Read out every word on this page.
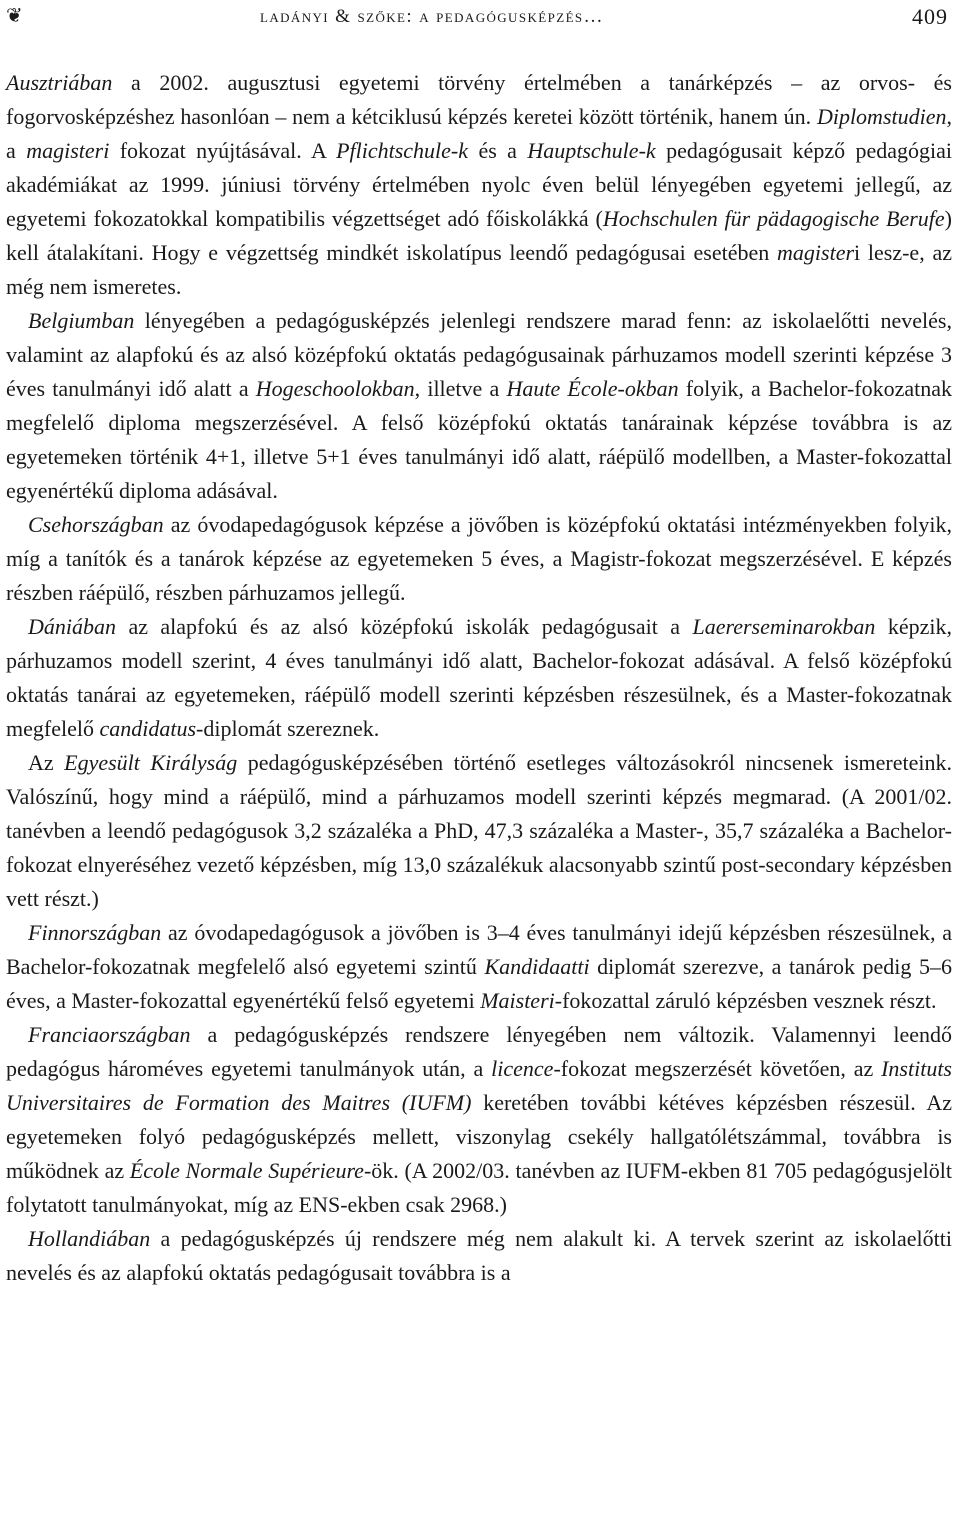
❦	ladányi & szőke: a pedagógusképzés…	409

Ausztriában a 2002. augusztusi egyetemi törvény értelmében a tanárképzés – az orvos- és fogorvosképzéshez hasonlóan – nem a kétciklusú képzés keretei között történik, hanem ún. Diplomstudien, a magisteri fokozat nyújtásával. A Pflichtschule-k és a Hauptschule-k pedagógusait képző pedagógiai akadémiákat az 1999. júniusi törvény értelmében nyolc éven belül lényegében egyetemi jellegű, az egyetemi fokozatokkal kompatibilis végzettséget adó főiskolákká (Hochschulen für pädagogische Berufe) kell átalakítani. Hogy e végzettség mindkét iskolatípus leendő pedagógusai esetében magisteri lesz-e, az még nem ismeretes.

Belgiumban lényegében a pedagógusképzés jelenlegi rendszere marad fenn: az iskolaelőtti nevelés, valamint az alapfokú és az alsó középfokú oktatás pedagógusainak párhuzamos modell szerinti képzése 3 éves tanulmányi idő alatt a Hogeschoolokban, illetve a Haute École-okban folyik, a Bachelor-fokozatnak megfelelő diploma megszerzésével. A felső középfokú oktatás tanárainak képzése továbbra is az egyetemeken történik 4+1, illetve 5+1 éves tanulmányi idő alatt, ráépülő modellben, a Master-fokozattal egyenértékű diploma adásával.

Csehországban az óvodapedagógusok képzése a jövőben is középfokú oktatási intézményekben folyik, míg a tanítók és a tanárok képzése az egyetemeken 5 éves, a Magistr-fokozat megszerzésével. E képzés részben ráépülő, részben párhuzamos jellegű.

Dániában az alapfokú és az alsó középfokú iskolák pedagógusait a Laererseminarokban képzik, párhuzamos modell szerint, 4 éves tanulmányi idő alatt, Bachelor-fokozat adásával. A felső középfokú oktatás tanárai az egyetemeken, ráépülő modell szerinti képzésben részesülnek, és a Master-fokozatnak megfelelő candidatus-diplomát szereznek.

Az Egyesült Királyság pedagógusképzésében történő esetleges változásokról nincsenek ismereteink. Valószínű, hogy mind a ráépülő, mind a párhuzamos modell szerinti képzés megmarad. (A 2001/02. tanévben a leendő pedagógusok 3,2 százaléka a PhD, 47,3 százaléka a Master-, 35,7 százaléka a Bachelor-fokozat elnyeréséhez vezető képzésben, míg 13,0 százalékuk alacsonyabb szintű post-secondary képzésben vett részt.)

Finnországban az óvodapedagógusok a jövőben is 3–4 éves tanulmányi idejű képzésben részesülnek, a Bachelor-fokozatnak megfelelő alsó egyetemi szintű Kandidaatti diplomát szerezve, a tanárok pedig 5–6 éves, a Master-fokozattal egyenértékű felső egyetemi Maisteri-fokozattal záruló képzésben vesznek részt.

Franciaországban a pedagógusképzés rendszere lényegében nem változik. Valamennyi leendő pedagógus hároméves egyetemi tanulmányok után, a licence-fokozat megszerzését követően, az Instituts Universitaires de Formation des Maitres (IUFM) keretében további kétéves képzésben részesül. Az egyetemeken folyó pedagógusképzés mellett, viszonylag csekély hallgatólétszámmal, továbbra is működnek az École Normale Supérieure-ök. (A 2002/03. tanévben az IUFM-ekben 81 705 pedagógusjelölt folytatott tanulmányokat, míg az ENS-ekben csak 2968.)

Hollandiában a pedagógusképzés új rendszere még nem alakult ki. A tervek szerint az iskolaelőtti nevelés és az alapfokú oktatás pedagógusait továbbra is a
